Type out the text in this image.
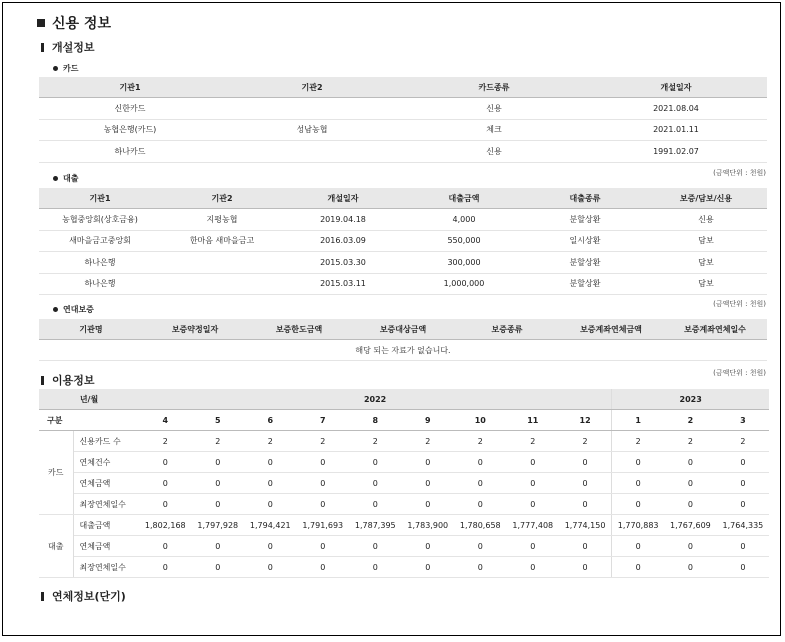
신용 정보
개설정보
카드
기관1	기관2	카드종류	개설일자
신한카드		신용	2021.08.04
농협은행(카드)	성남농협	체크	2021.01.11
하나카드		신용	1991.02.07
대출
(금액단위 : 천원)
기관1	기관2	개설일자	대출금액	대출종류	보증/담보/신용
농협중앙회(상호금융)	지평농협	2019.04.18	4,000	분할상환	신용
새마을금고중앙회	한마음 새마을금고	2016.03.09	550,000	일시상환	담보
하나은행		2015.03.30	300,000	분할상환	담보
하나은행		2015.03.11	1,000,000	분할상환	담보
연대보증
(금액단위 : 천원)
기관명	보증약정일자	보증한도금액	보증대상금액	보증종류	보증계좌연체금액	보증계좌연체일수
해당 되는 자료가 없습니다.
이용정보
(금액단위 : 천원)
년/월		2022									2023		
구분		4	5	6	7	8	9	10	11	12	1	2	3
카드	신용카드 수	2	2	2	2	2	2	2	2	2	2	2	2
	연체건수	0	0	0	0	0	0	0	0	0	0	0	0
	연체금액	0	0	0	0	0	0	0	0	0	0	0	0
	최장연체일수	0	0	0	0	0	0	0	0	0	0	0	0
대출	대출금액	1,802,168	1,797,928	1,794,421	1,791,693	1,787,395	1,783,900	1,780,658	1,777,408	1,774,150	1,770,883	1,767,609	1,764,335
	연체금액	0	0	0	0	0	0	0	0	0	0	0	0
	최장연체일수	0	0	0	0	0	0	0	0	0	0	0	0
연체정보(단기)
